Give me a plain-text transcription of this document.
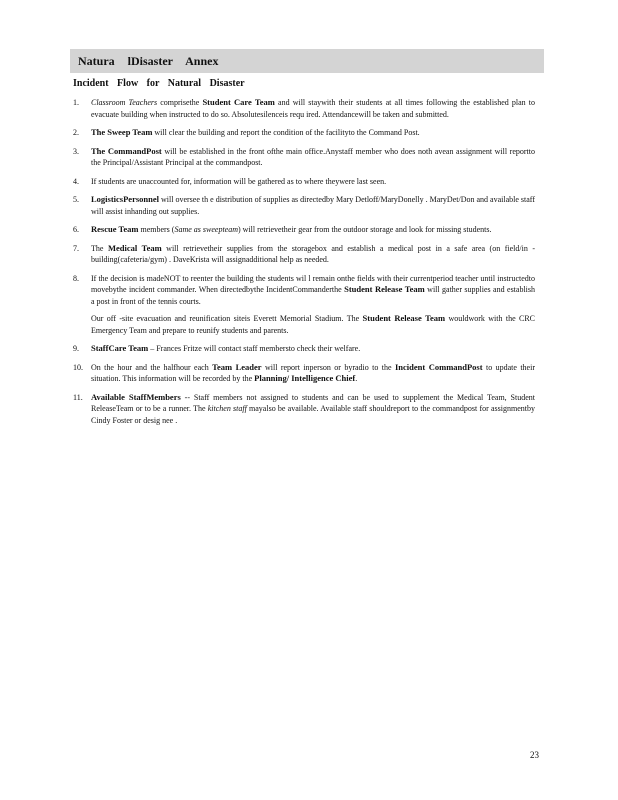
Natura lDisaster Annex
Incident Flow for Natural Disaster
1. Classroom Teachers comprisethe Student Care Team and will staywith their students at all times following the established plan to evacuate building when instructed to do so. Absolutesilenceis requ ired. Attendancewill be taken and submitted.

2. The Sweep Team will clear the building and report the condition of the facilityto the Command Post.

3. The CommandPost will be established in the front ofthe main office.Anystaff member who does noth avean assignment will reportto the Principal/Assistant Principal at the commandpost.

4. If students are unaccounted for, information will be gathered as to where theywere last seen.

5. LogisticsPersonnel will oversee th e distribution of supplies as directedby Mary Detloff/MaryDonelly . MaryDet/Don and available staff will assist inhanding out supplies.

6. Rescue Team members (Same as sweepteam) will retrievetheir gear from the outdoor storage and look for missing students.

7. The Medical Team will retrievetheir supplies from the storagebox and establish a medical post in a safe area (on field/in -building(cafeteria/gym) . DaveKrista will assignadditional help as needed.

8. If the decision is madeNOT to reenter the building the students wil l remain onthe fields with their currentperiod teacher until instructedto movebythe incident commander. When directedbythe IncidentCommanderthe Student Release Team will gather supplies and establish a post in front of the tennis courts.

Our off -site evacuation and reunification siteis Everett Memorial Stadium. The Student Release Team wouldwork with the CRC Emergency Team and prepare to reunify students and parents.

9. StaffCare Team – Frances Fritze will contact staff membersto check their welfare.

10. On the hour and the halfhour each Team Leader will report inperson or byradio to the Incident CommandPost to update their situation. This information will be recorded by the Planning/ Intelligence Chief.

11. Available StaffMembers -- Staff members not assigned to students and can be used to supplement the Medical Team, Student ReleaseTeam or to be a runner. The kitchen staff mayalso be available. Available staff shouldreport to the commandpost for assignmentby Cindy Foster or desig nee .

23
